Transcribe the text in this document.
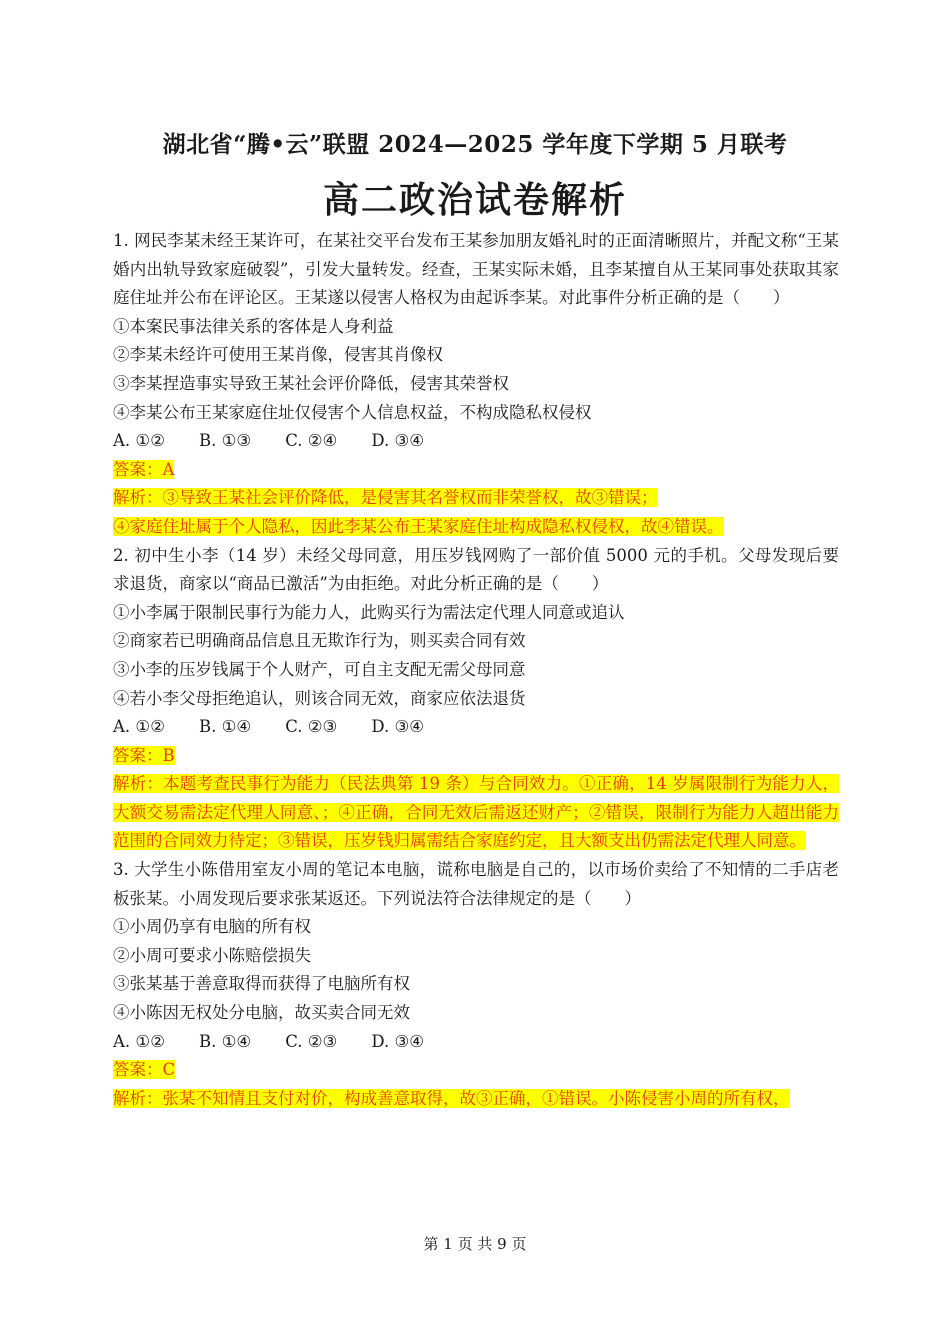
湖北省“腾•云”联盟 2024—2025 学年度下学期 5 月联考
高二政治试卷解析

1. 网民李某未经王某许可，在某社交平台发布王某参加朋友婚礼时的正面清晰照片，并配文称“王某婚内出轨导致家庭破裂”，引发大量转发。经查，王某实际未婚，且李某擅自从王某同事处获取其家庭住址并公布在评论区。王某遂以侵害人格权为由起诉李某。对此事件分析正确的是（　　）

①本案民事法律关系的客体是人身利益

②李某未经许可使用王某肖像，侵害其肖像权

③李某捏造事实导致王某社会评价降低，侵害其荣誉权

④李某公布王某家庭住址仅侵害个人信息权益，不构成隐私权侵权

A. ①② B. ①③ C. ②④ D. ③④

答案：A

解析：③导致王某社会评价降低，是侵害其名誉权而非荣誉权，故③错误；

④家庭住址属于个人隐私，因此李某公布王某家庭住址构成隐私权侵权，故④错误。

2. 初中生小李（14 岁）未经父母同意，用压岁钱网购了一部价值 5000 元的手机。父母发现后要求退货，商家以“商品已激活”为由拒绝。对此分析正确的是（　　）

①小李属于限制民事行为能力人，此购买行为需法定代理人同意或追认

②商家若已明确商品信息且无欺诈行为，则买卖合同有效

③小李的压岁钱属于个人财产，可自主支配无需父母同意

④若小李父母拒绝追认，则该合同无效，商家应依法退货

A. ①② B. ①④ C. ②③ D. ③④

答案：B

解析：本题考查民事行为能力（民法典第 19 条）与合同效力。①正确，14 岁属限制行为能力人，大额交易需法定代理人同意、；④正确，合同无效后需返还财产；②错误，限制行为能力人超出能力范围的合同效力待定；③错误，压岁钱归属需结合家庭约定，且大额支出仍需法定代理人同意。

3. 大学生小陈借用室友小周的笔记本电脑，谎称电脑是自己的，以市场价卖给了不知情的二手店老板张某。小周发现后要求张某返还。下列说法符合法律规定的是（　　）

①小周仍享有电脑的所有权

②小周可要求小陈赔偿损失

③张某基于善意取得而获得了电脑所有权

④小陈因无权处分电脑，故买卖合同无效

A. ①② B. ①④ C. ②③ D. ③④

答案：C

解析：张某不知情且支付对价，构成善意取得，故③正确，①错误。小陈侵害小周的所有权，

第 1 页 共 9 页
